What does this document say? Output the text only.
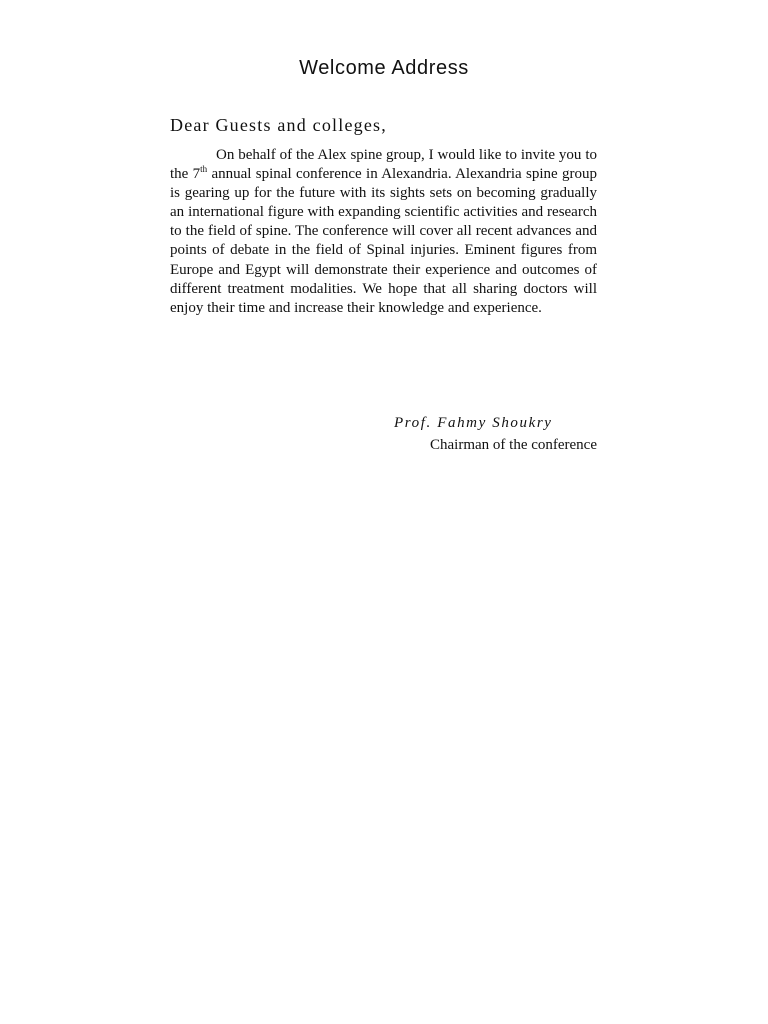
Welcome Address

Dear Guests and colleges,

On behalf of the Alex spine group, I would like to invite you to the 7th annual spinal conference in Alexandria. Alexandria spine group is gearing up for the future with its sights sets on becoming gradually an international figure with expanding scientific activities and research to the field of spine. The conference will cover all recent advances and points of debate in the field of Spinal injuries. Eminent figures from Europe and Egypt will demonstrate their experience and outcomes of different treatment modalities. We hope that all sharing doctors will enjoy their time and increase their knowledge and experience.

Prof. Fahmy Shoukry
Chairman of the conference
